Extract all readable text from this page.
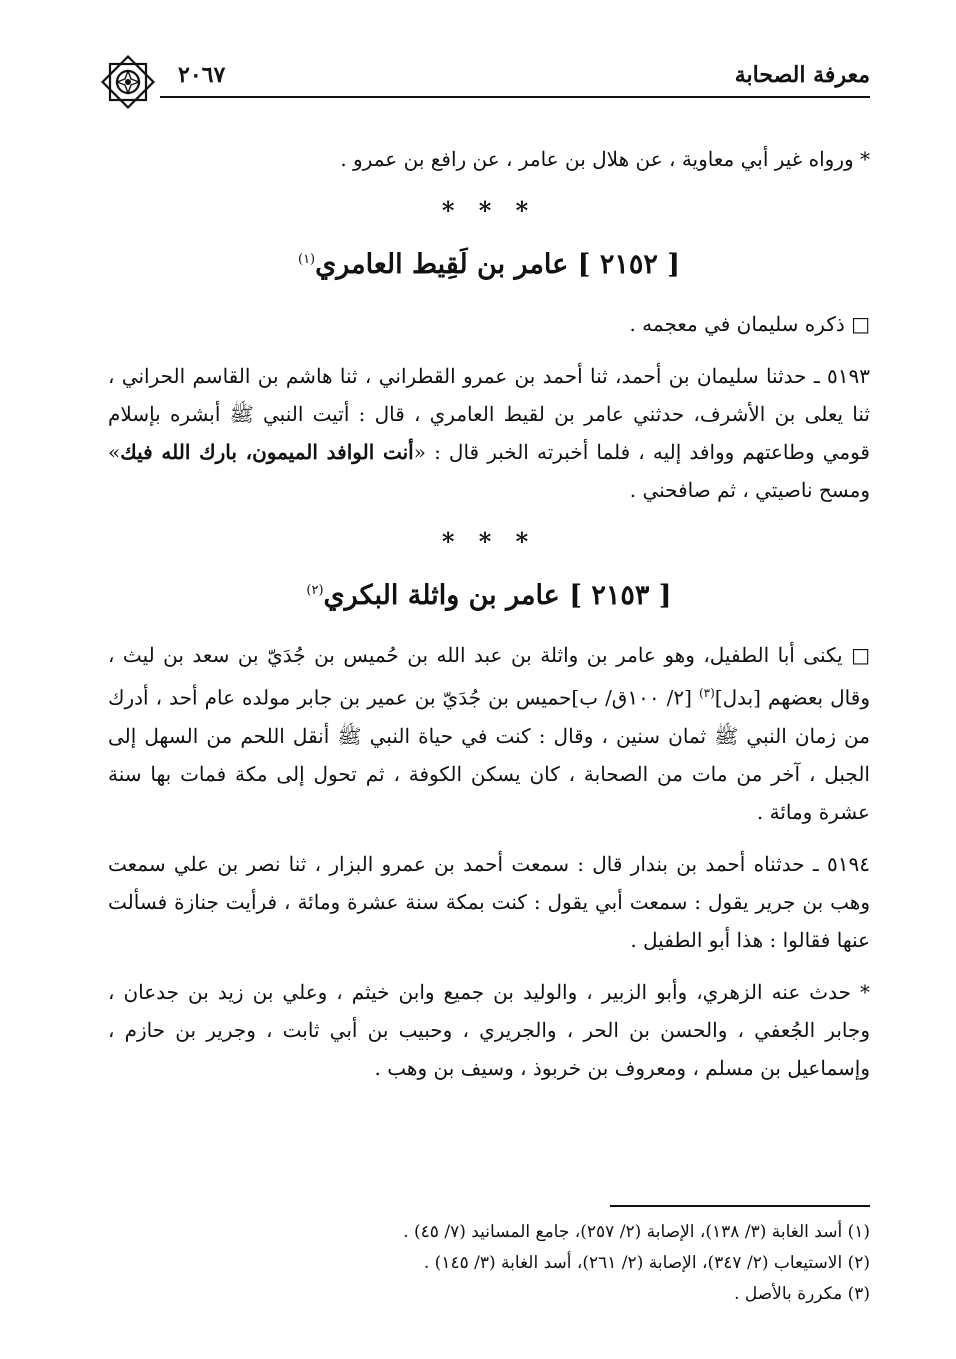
معرفة الصحابة
٢٠٦٧

* ورواه غير أبي معاوية ، عن هلال بن عامر ، عن رافع بن عمرو .

* * *
[ ٢١٥٢ ] عامر بن لَقِيط العامري$^{(١)}$

□ ذكره سليمان في معجمه .

٥١٩٣ ـ حدثنا سليمان بن أحمد، ثنا أحمد بن عمرو القطراني ، ثنا هاشم بن القاسم الحراني ، ثنا يعلى بن الأشرف، حدثني عامر بن لقيط العامري ، قال : أتيت النبي ﷺ أبشره بإسلام قومي وطاعتهم ووافد إليه ، فلما أخبرته الخبر قال : «أنت الوافد الميمون، بارك الله فيك» ومسح ناصيتي ، ثم صافحني .

* * *
[ ٢١٥٣ ] عامر بن واثلة البكري$^{(٢)}$

□ يكنى أبا الطفيل، وهو عامر بن واثلة بن عبد الله بن حُميس بن جُدَيّ بن سعد بن ليث ، وقال بعضهم [بدل]$^{(٣)}$ [٢/ ١٠٠ق/ ب]حميس بن جُدَيّ بن عمير بن جابر مولده عام أحد ، أدرك من زمان النبي ﷺ ثمان سنين ، وقال : كنت في حياة النبي ﷺ أنقل اللحم من السهل إلى الجبل ، آخر من مات من الصحابة ، كان يسكن الكوفة ، ثم تحول إلى مكة فمات بها سنة عشرة ومائة .

٥١٩٤ ـ حدثناه أحمد بن بندار قال : سمعت أحمد بن عمرو البزار ، ثنا نصر بن علي سمعت وهب بن جرير يقول : سمعت أبي يقول : كنت بمكة سنة عشرة ومائة ، فرأيت جنازة فسألت عنها فقالوا : هذا أبو الطفيل .

* حدث عنه الزهري، وأبو الزبير ، والوليد بن جميع وابن خيثم ، وعلي بن زيد بن جدعان ، وجابر الجُعفي ، والحسن بن الحر ، والجريري ، وحبيب بن أبي ثابت ، وجرير بن حازم ، وإسماعيل بن مسلم ، ومعروف بن خربوذ ، وسيف بن وهب .

(١) أسد الغابة (٣/ ١٣٨)، الإصابة (٢/ ٢٥٧)، جامع المسانيد (٧/ ٤٥) .

(٢) الاستيعاب (٢/ ٣٤٧)، الإصابة (٢/ ٢٦١)، أسد الغابة (٣/ ١٤٥) .

(٣) مكررة بالأصل .
